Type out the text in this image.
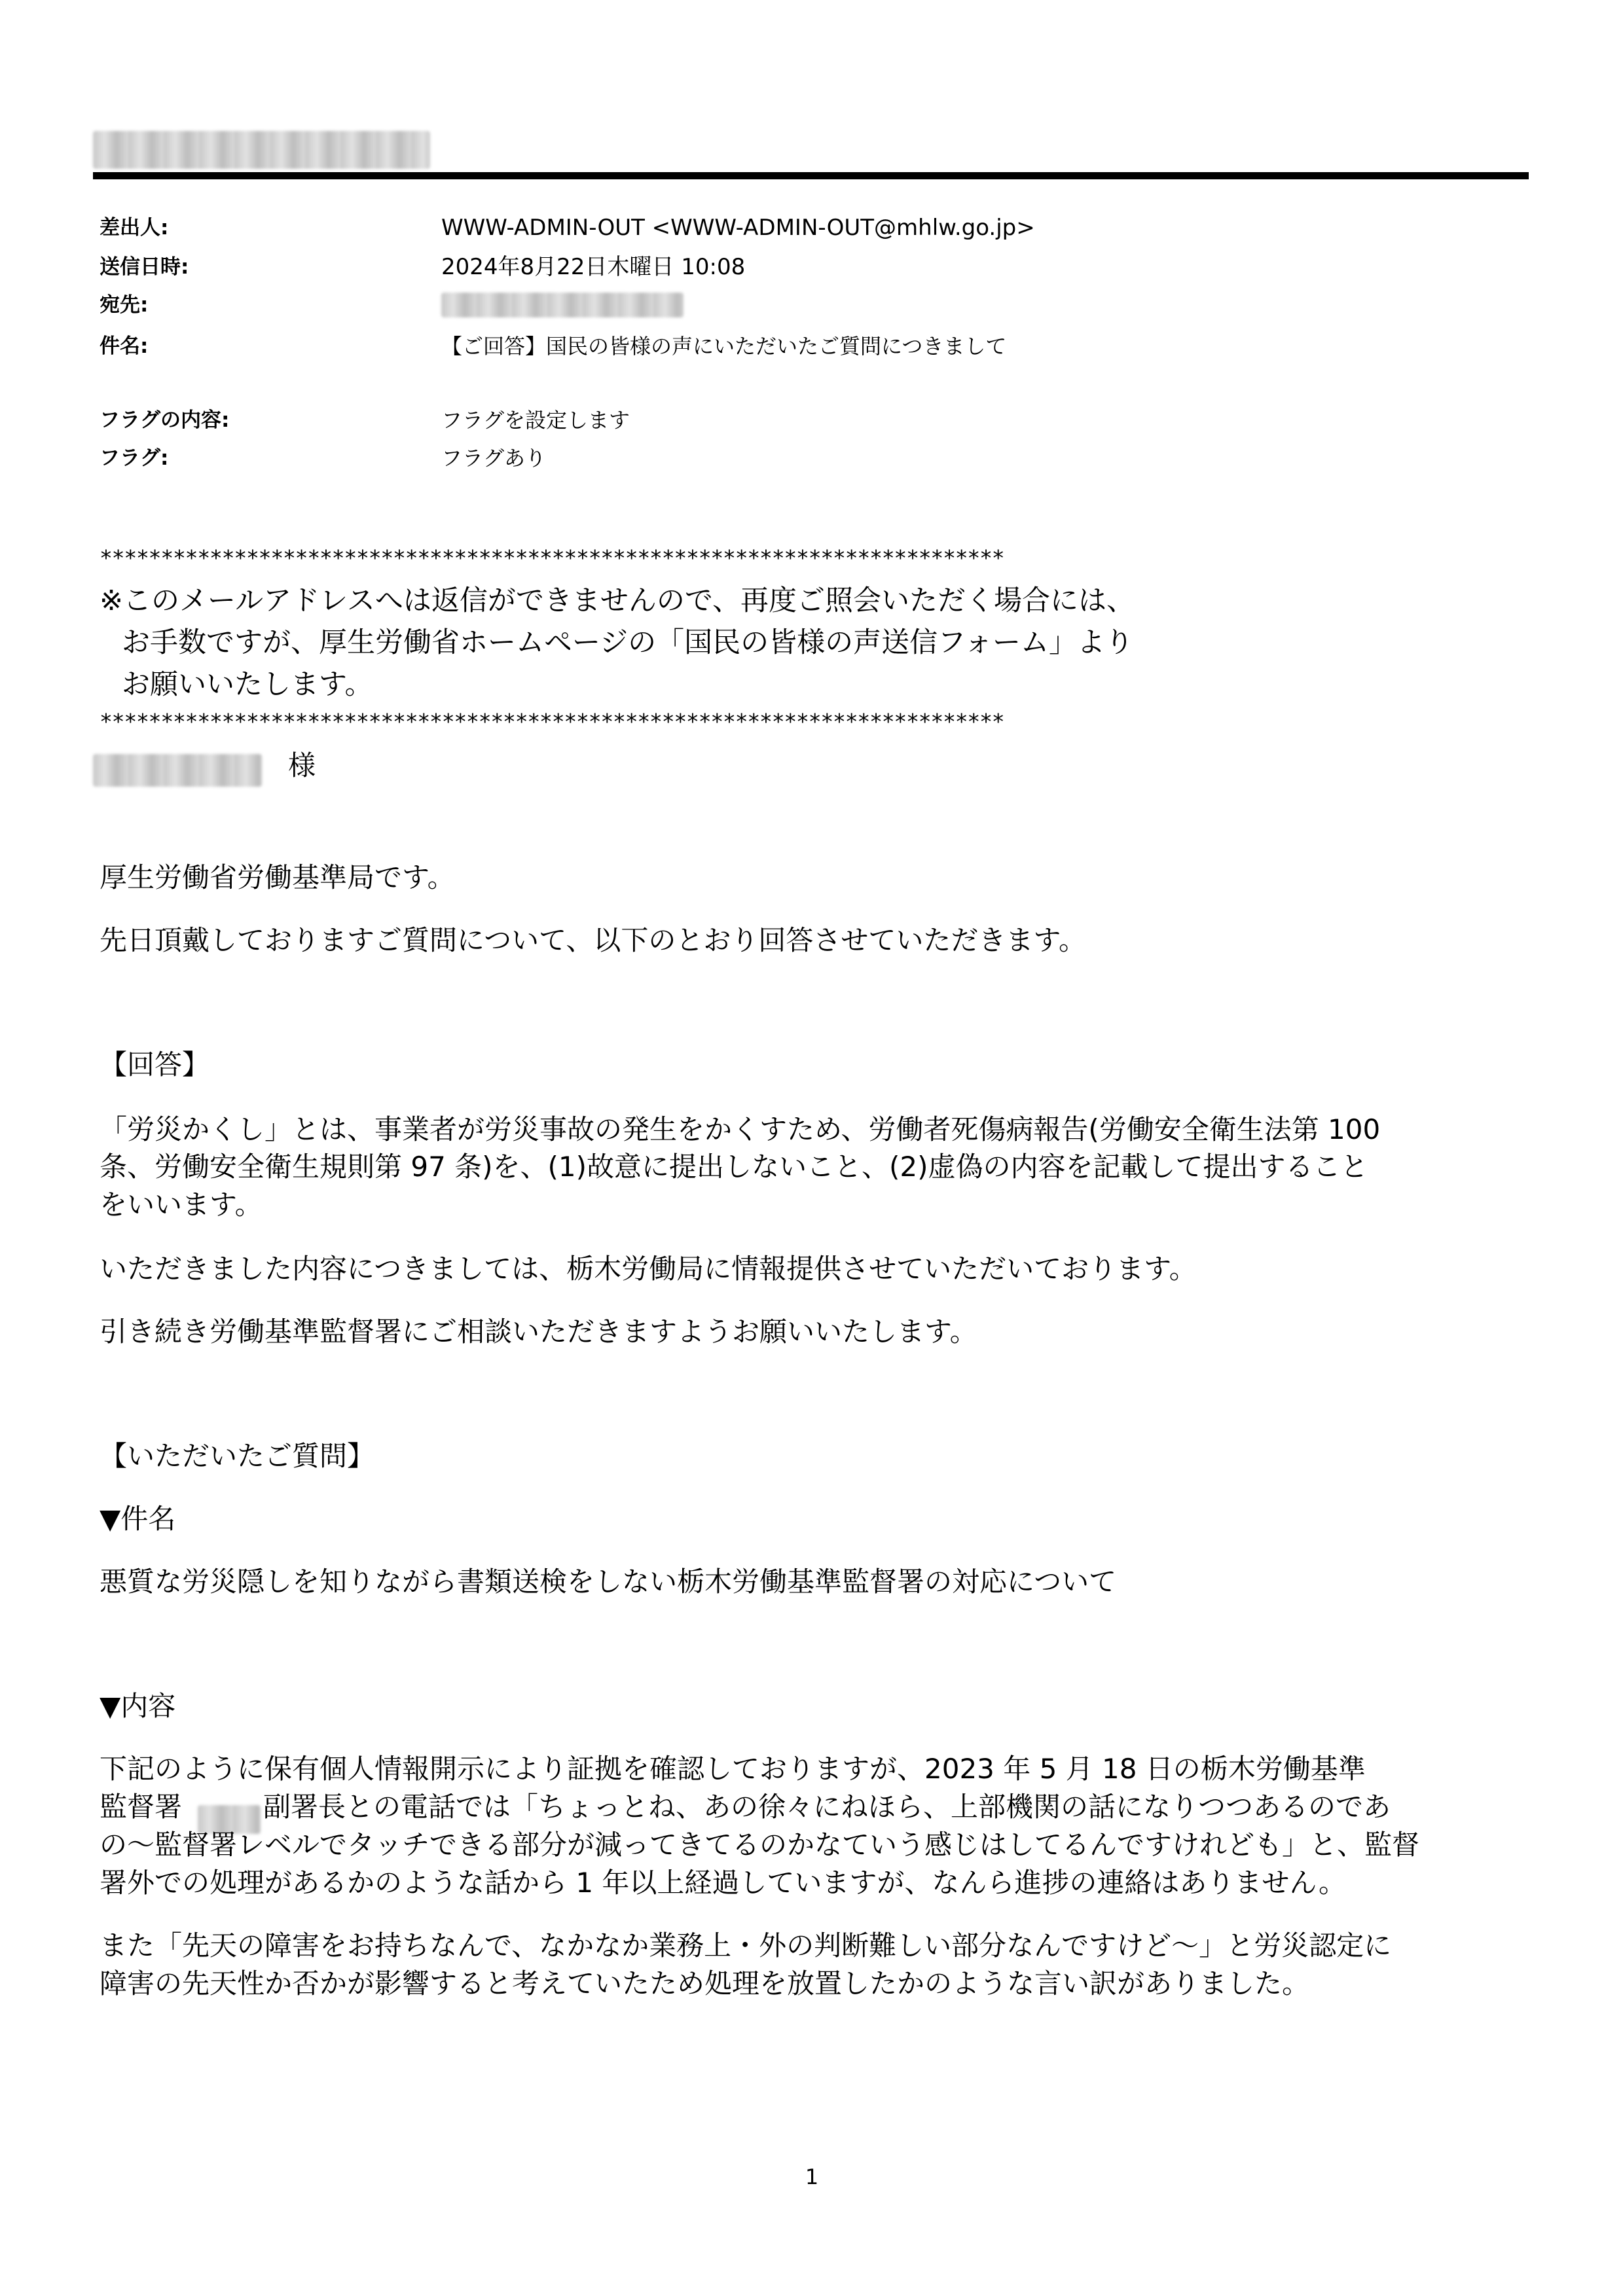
差出人:	WWW-ADMIN-OUT <WWW-ADMIN-OUT@mhlw.go.jp>
送信日時:	2024年8月22日木曜日 10:08
宛先:
件名:	【ご回答】国民の皆様の声にいただいたご質問につきまして
フラグの内容:	フラグを設定します
フラグ:	フラグあり
**************************************************************************
※このメールアドレスへは返信ができませんので、再度ご照会いただく場合には、
お手数ですが、厚生労働省ホームページの「国民の皆様の声送信フォーム」より
お願いいたします。
**************************************************************************
様
厚生労働省労働基準局です。
先日頂戴しておりますご質問について、以下のとおり回答させていただきます。
【回答】
「労災かくし」とは、事業者が労災事故の発生をかくすため、労働者死傷病報告(労働安全衛生法第 100
条、労働安全衛生規則第 97 条)を、(1)故意に提出しないこと、(2)虚偽の内容を記載して提出すること
をいいます。
いただきました内容につきましては、栃木労働局に情報提供させていただいております。
引き続き労働基準監督署にご相談いただきますようお願いいたします。
【いただいたご質問】
▼件名
悪質な労災隠しを知りながら書類送検をしない栃木労働基準監督署の対応について
▼内容
下記のように保有個人情報開示により証拠を確認しておりますが、2023 年 5 月 18 日の栃木労働基準
監督署	副署長との電話では「ちょっとね、あの徐々にねほら、上部機関の話になりつつあるのであ
の～監督署レベルでタッチできる部分が減ってきてるのかなていう感じはしてるんですけれども」と、監督
署外での処理があるかのような話から 1 年以上経過していますが、なんら進捗の連絡はありません。
また「先天の障害をお持ちなんで、なかなか業務上・外の判断難しい部分なんですけど～」と労災認定に
障害の先天性か否かが影響すると考えていたため処理を放置したかのような言い訳がありました。
1
